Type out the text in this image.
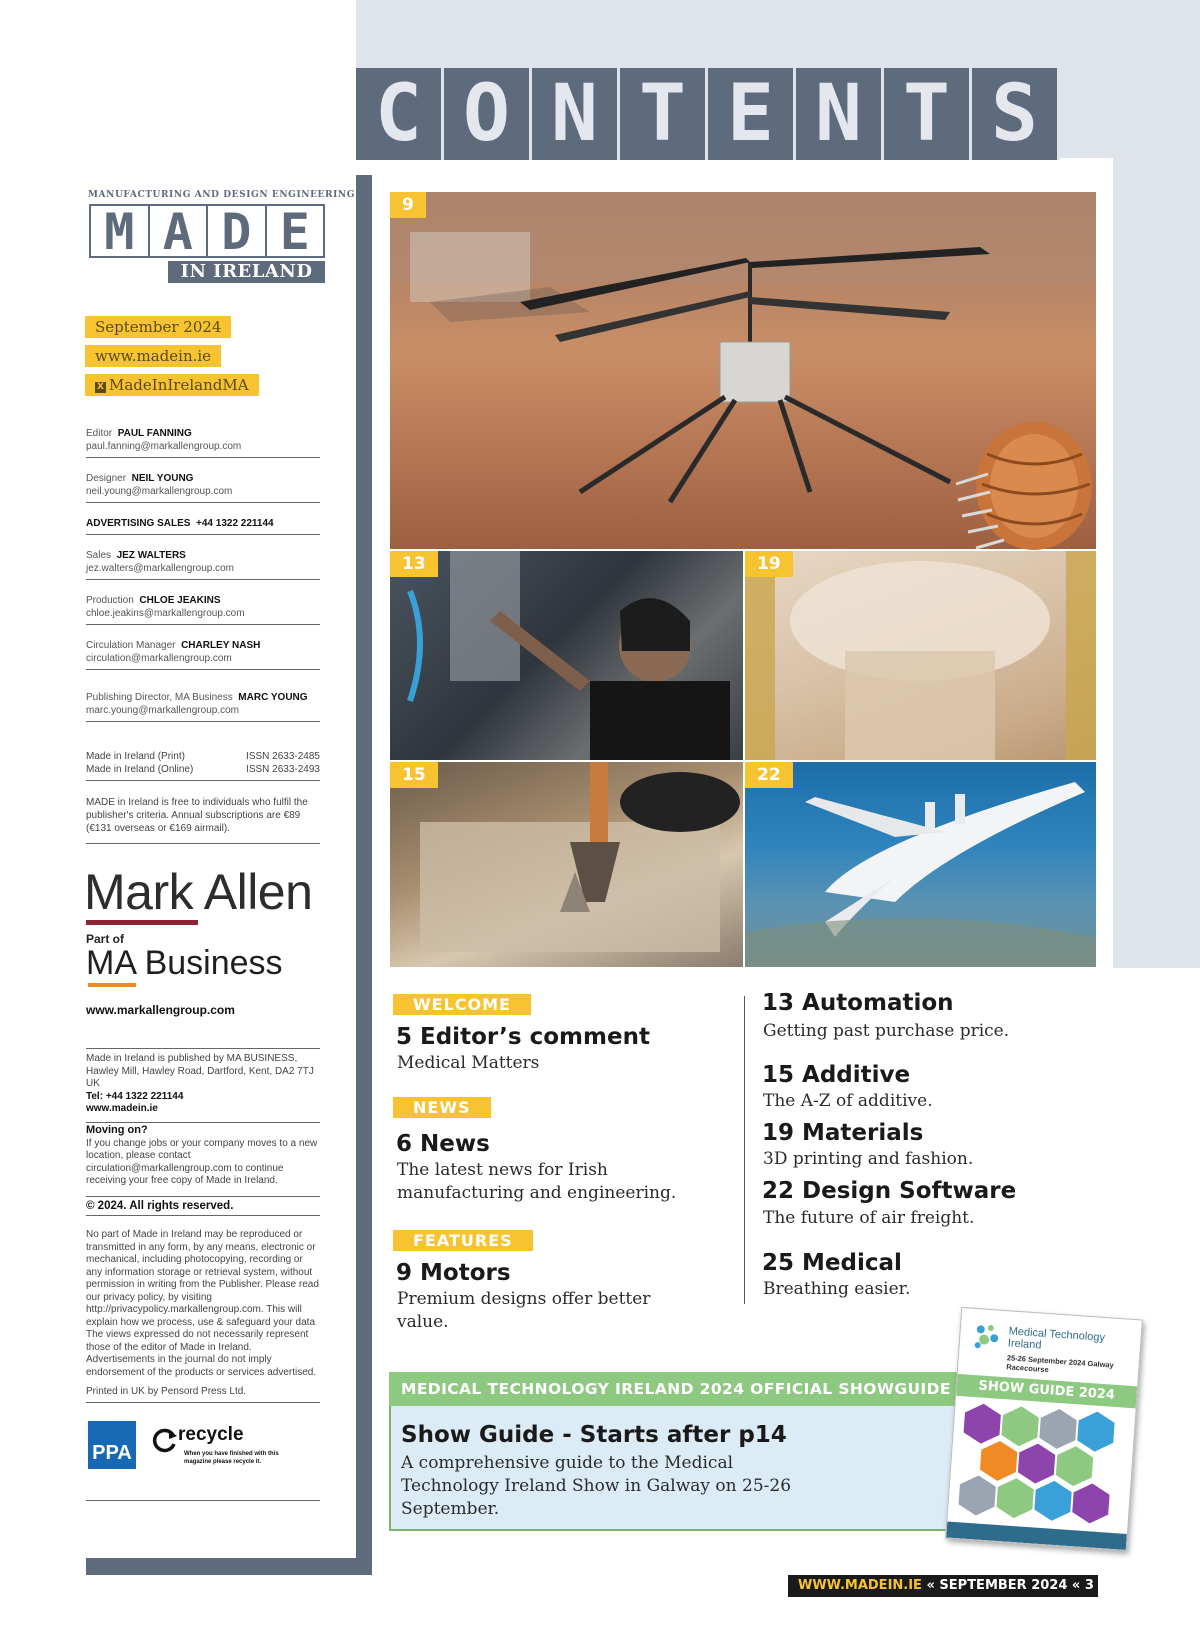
C O N T E N T S
MANUFACTURING AND DESIGN ENGINEERING
M A D E
IN IRELAND
September 2024
www.madein.ie
X MadeInIrelandMA
Editor PAUL FANNING
paul.fanning@markallengroup.com
Designer NEIL YOUNG
neil.young@markallengroup.com
ADVERTISING SALES +44 1322 221144
Sales JEZ WALTERS
jez.walters@markallengroup.com
Production CHLOE JEAKINS
chloe.jeakins@markallengroup.com
Circulation Manager CHARLEY NASH
circulation@markallengroup.com
Publishing Director, MA Business MARC YOUNG
marc.young@markallengroup.com
Made in Ireland (Print)	ISSN 2633-2485

Made in Ireland (Online)	ISSN 2633-2493
MADE in Ireland is free to individuals who fulfil the publisher's criteria. Annual subscriptions are €89 (€131 overseas or €169 airmail).
Mark Allen
Part of
MA Business
www.markallengroup.com
Made in Ireland is published by MA BUSINESS,
Hawley Mill, Hawley Road, Dartford, Kent, DA2 7TJ UK
Tel: +44 1322 221144
www.madein.ie
Moving on?
If you change jobs or your company moves to a new location, please contact circulation@markallengroup.com to continue receiving your free copy of Made in Ireland.
© 2024. All rights reserved.
No part of Made in Ireland may be reproduced or transmitted in any form, by any means, electronic or mechanical, including photocopying, recording or any information storage or retrieval system, without permission in writing from the Publisher. Please read our privacy policy, by visiting http://privacypolicy.markallengroup.com. This will explain how we process, use & safeguard your data The views expressed do not necessarily represent those of the editor of Made in Ireland. Advertisements in the journal do not imply endorsement of the products or services advertised.
Printed in UK by Pensord Press Ltd.
PPA
recycle
When you have finished with this magazine please recycle it.
9
13	19
15	22
WELCOME
5 Editor’s comment
Medical Matters
NEWS
6 News
The latest news for Irish manufacturing and engineering.
FEATURES
9 Motors
Premium designs offer better value.
13 Automation
Getting past purchase price.
15 Additive
The A-Z of additive.
19 Materials
3D printing and fashion.
22 Design Software
The future of air freight.
25 Medical
Breathing easier.
MEDICAL TECHNOLOGY IRELAND 2024 OFFICIAL SHOWGUIDE
Show Guide - Starts after p14
A comprehensive guide to the Medical Technology Ireland Show in Galway on 25-26 September.
Medical Technology Ireland
25-26 September 2024 Galway Racecourse
SHOW GUIDE 2024
WWW.MADEIN.IE « SEPTEMBER 2024 « 3
